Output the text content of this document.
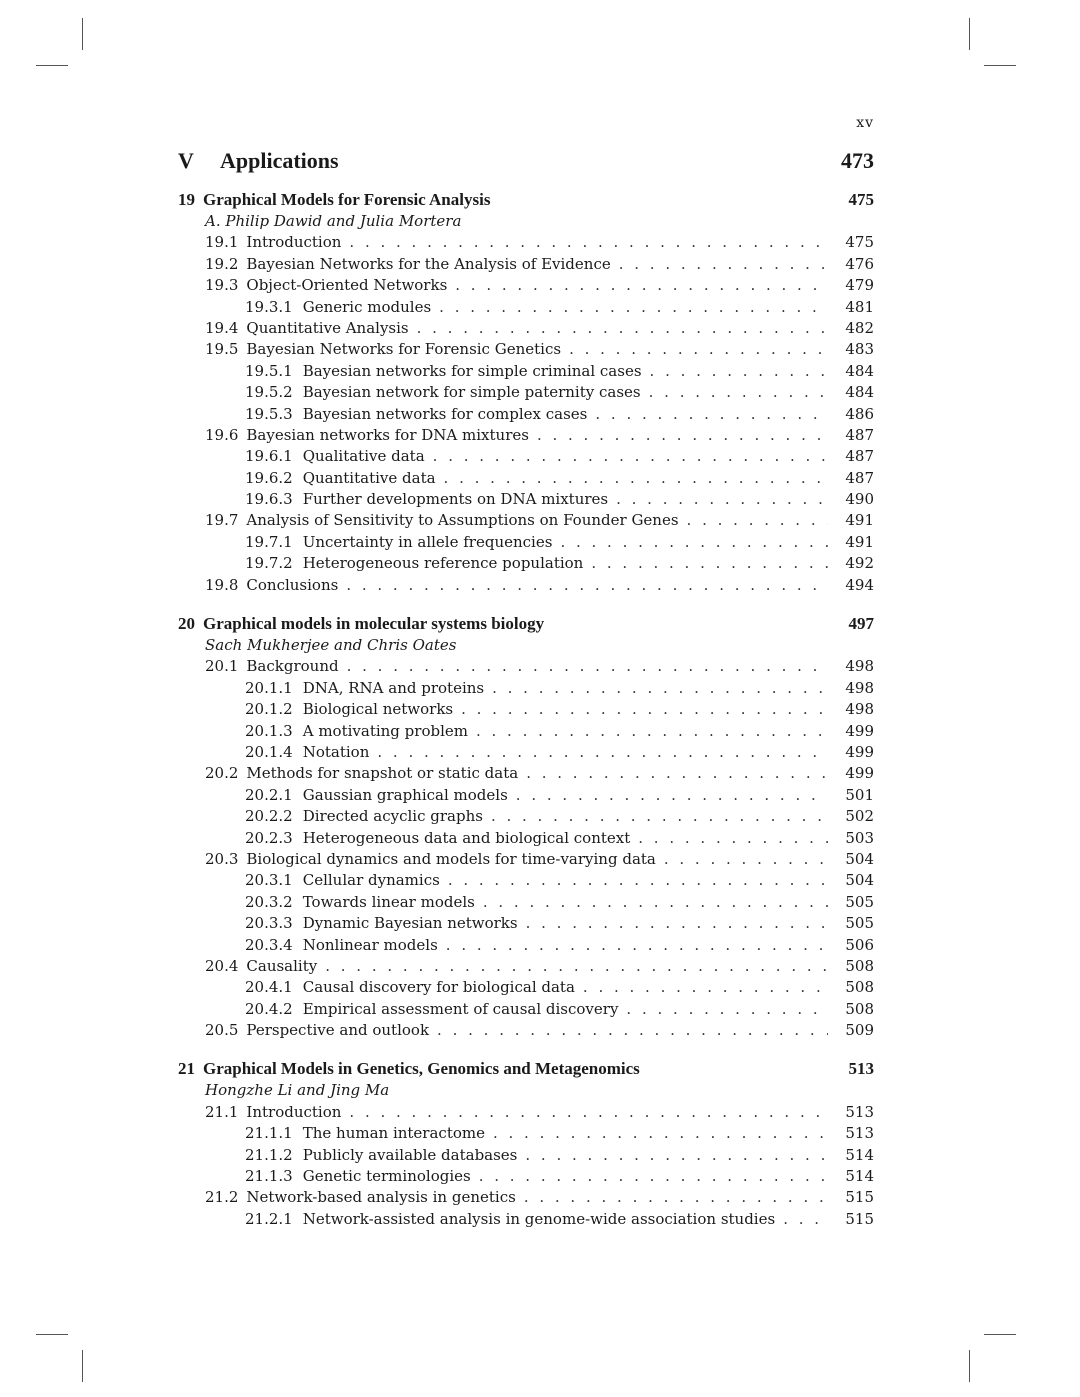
xv
V	Applications	473
19 Graphical Models for Forensic Analysis	475
A. Philip Dawid and Julia Mortera
19.1 Introduction . . .	475
19.2 Bayesian Networks for the Analysis of Evidence . . .	476
19.3 Object-Oriented Networks . . .	479
19.3.1 Generic modules . . .	481
19.4 Quantitative Analysis . . .	482
19.5 Bayesian Networks for Forensic Genetics . . .	483
19.5.1 Bayesian networks for simple criminal cases . . .	484
19.5.2 Bayesian network for simple paternity cases . . .	484
19.5.3 Bayesian networks for complex cases . . .	486
19.6 Bayesian networks for DNA mixtures . . .	487
19.6.1 Qualitative data . . .	487
19.6.2 Quantitative data . . .	487
19.6.3 Further developments on DNA mixtures . . .	490
19.7 Analysis of Sensitivity to Assumptions on Founder Genes . . .	491
19.7.1 Uncertainty in allele frequencies . . .	491
19.7.2 Heterogeneous reference population . . .	492
19.8 Conclusions . . .	494
20 Graphical models in molecular systems biology	497
Sach Mukherjee and Chris Oates
20.1 Background . . .	498
20.1.1 DNA, RNA and proteins . . .	498
20.1.2 Biological networks . . .	498
20.1.3 A motivating problem . . .	499
20.1.4 Notation . . .	499
20.2 Methods for snapshot or static data . . .	499
20.2.1 Gaussian graphical models . . .	501
20.2.2 Directed acyclic graphs . . .	502
20.2.3 Heterogeneous data and biological context . . .	503
20.3 Biological dynamics and models for time-varying data . . .	504
20.3.1 Cellular dynamics . . .	504
20.3.2 Towards linear models . . .	505
20.3.3 Dynamic Bayesian networks . . .	505
20.3.4 Nonlinear models . . .	506
20.4 Causality . . .	508
20.4.1 Causal discovery for biological data . . .	508
20.4.2 Empirical assessment of causal discovery . . .	508
20.5 Perspective and outlook . . .	509
21 Graphical Models in Genetics, Genomics and Metagenomics	513
Hongzhe Li and Jing Ma
21.1 Introduction . . .	513
21.1.1 The human interactome . . .	513
21.1.2 Publicly available databases . . .	514
21.1.3 Genetic terminologies . . .	514
21.2 Network-based analysis in genetics . . .	515
21.2.1 Network-assisted analysis in genome-wide association studies . . .	515
